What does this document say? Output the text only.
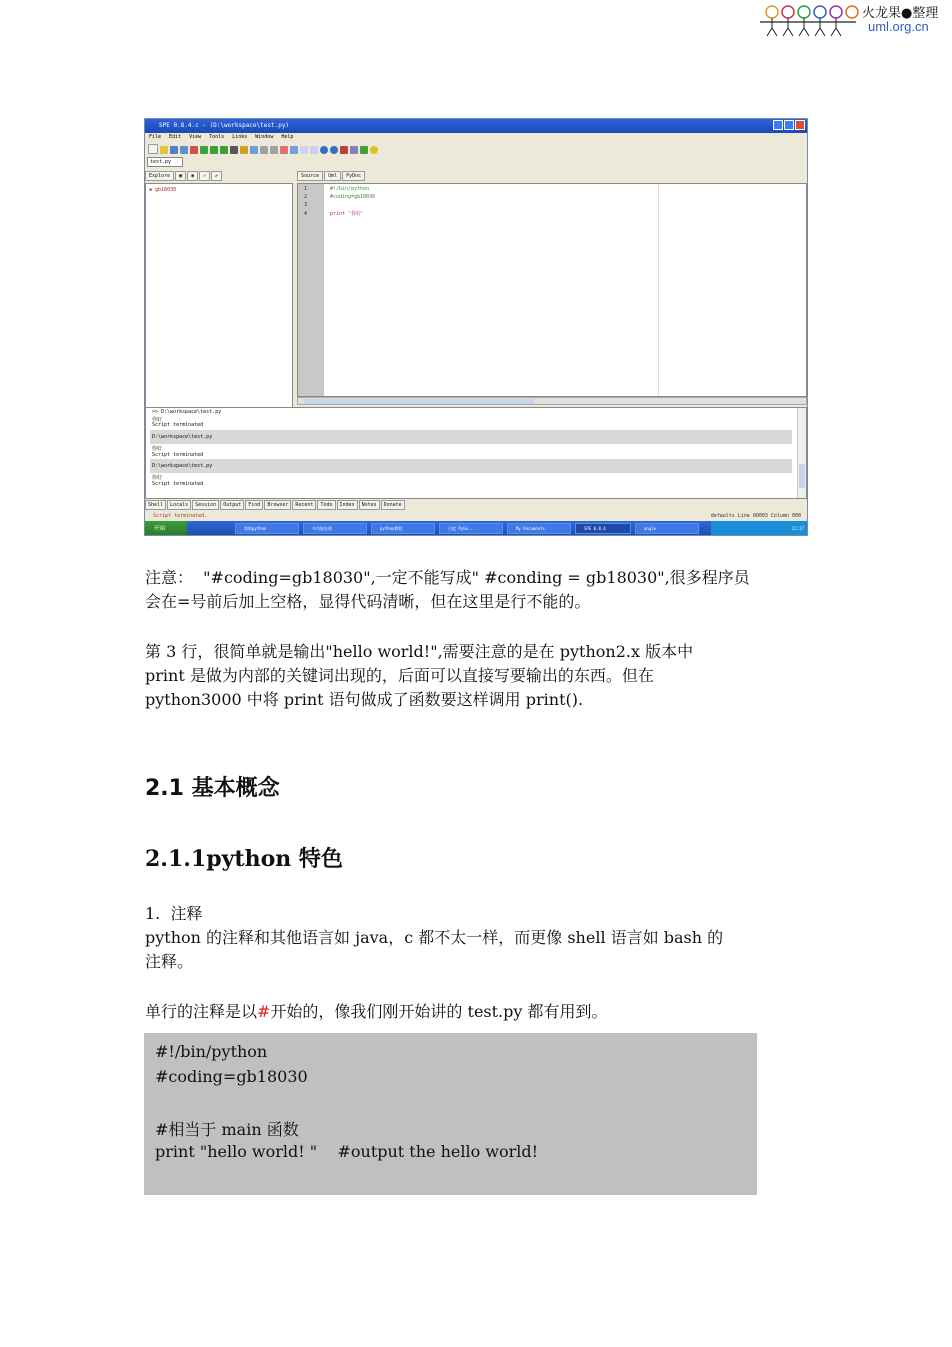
火龙果●整理
uml.org.cn
SPE 0.8.4.c - (D:\workspace\test.py)
File Edit View Tools Links Window Help
test.py
Explore ▣ ◉ ✓ ✔
✱ gb18030
Source Uml PyDoc
1	#!/bin/python
2	#coding=gb18030
3
4	print '你好'
>> D:\workspace\test.py
你好
Script terminated
D:\workspace\test.py
你好
Script terminated
D:\workspace\test.py
你好
Script terminated
Shell Locals Session Output Find Browser Recent Todo Index Notes Donate
Script terminated.	defaults Line 00003 Column 000
开始	我的python	多功能处理	python教程	百度 PyGo...	My Documents	SPE 0.8.4	angle	22:27
注意：  "#coding=gb18030",一定不能写成" #conding = gb18030",很多程序员
会在=号前后加上空格，显得代码清晰，但在这里是行不能的。
第 3 行，很简单就是输出"hello world!",需要注意的是在 python2.x 版本中
print 是做为内部的关键词出现的，后面可以直接写要输出的东西。但在
python3000 中将 print 语句做成了函数要这样调用 print().
2.1 基本概念
2.1.1python 特色
1.  注释
python 的注释和其他语言如 java，c 都不太一样，而更像 shell 语言如 bash 的
注释。
单行的注释是以#开始的，像我们刚开始讲的 test.py 都有用到。
#!/bin/python
#coding=gb18030
#相当于 main 函数
print "hello world! "    #output the hello world!
